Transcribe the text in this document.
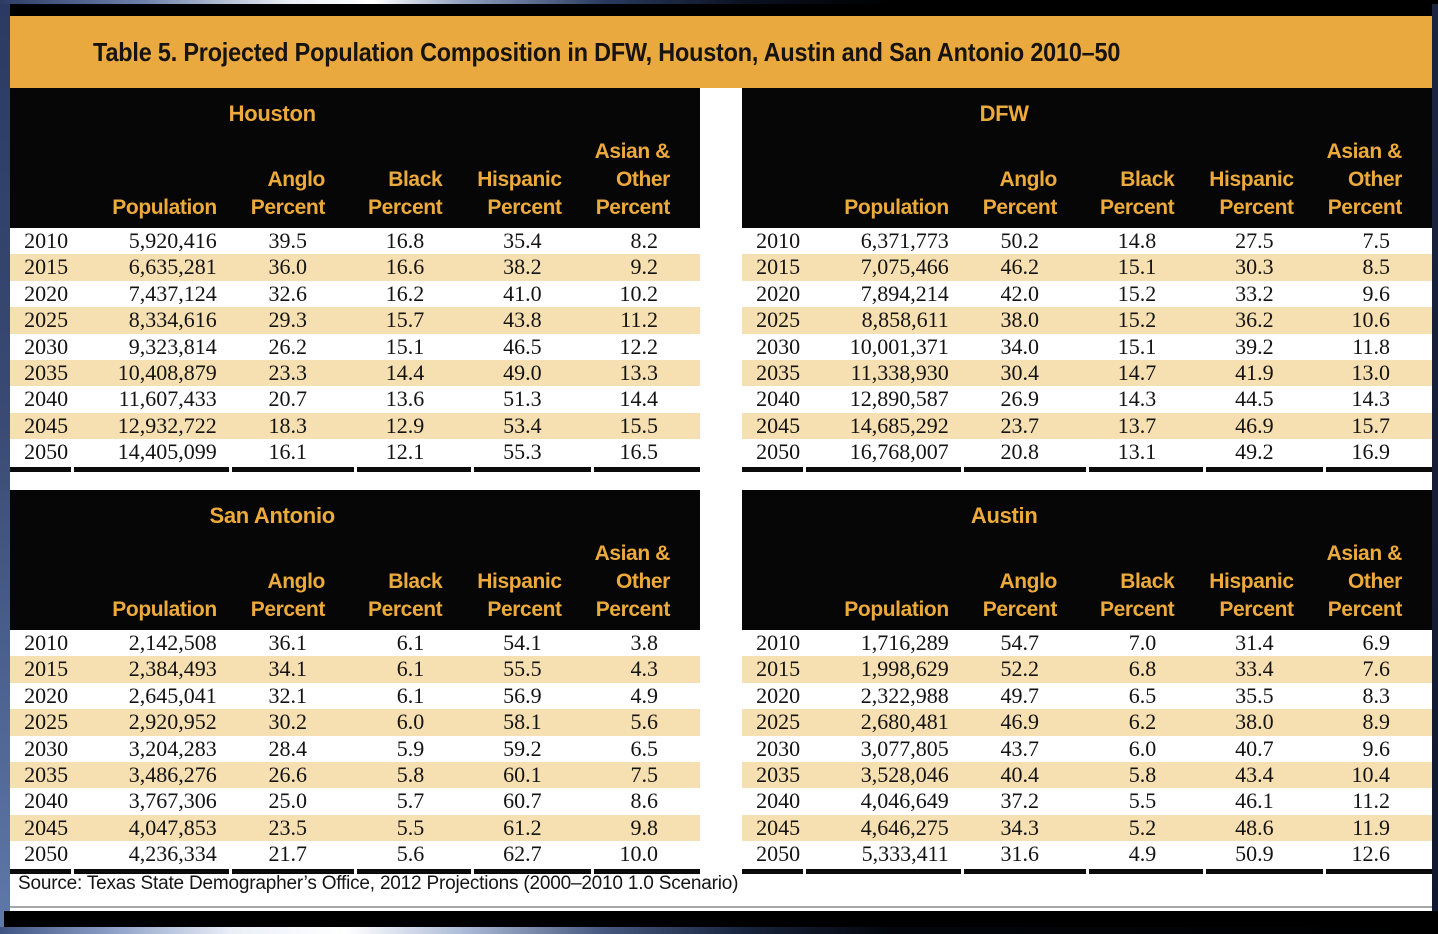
Table 5. Projected Population Composition in DFW, Houston, Austin and San Antonio 2010–50
Houston
Population
Anglo
Percent
Black
Percent
Hispanic
Percent
Asian &
Other
Percent
2010	5,920,416	39.5	16.8	35.4	8.2
2015	6,635,281	36.0	16.6	38.2	9.2
2020	7,437,124	32.6	16.2	41.0	10.2
2025	8,334,616	29.3	15.7	43.8	11.2
2030	9,323,814	26.2	15.1	46.5	12.2
2035	10,408,879	23.3	14.4	49.0	13.3
2040	11,607,433	20.7	13.6	51.3	14.4
2045	12,932,722	18.3	12.9	53.4	15.5
2050	14,405,099	16.1	12.1	55.3	16.5
DFW
Population
Anglo
Percent
Black
Percent
Hispanic
Percent
Asian &
Other
Percent
2010	6,371,773	50.2	14.8	27.5	7.5
2015	7,075,466	46.2	15.1	30.3	8.5
2020	7,894,214	42.0	15.2	33.2	9.6
2025	8,858,611	38.0	15.2	36.2	10.6
2030	10,001,371	34.0	15.1	39.2	11.8
2035	11,338,930	30.4	14.7	41.9	13.0
2040	12,890,587	26.9	14.3	44.5	14.3
2045	14,685,292	23.7	13.7	46.9	15.7
2050	16,768,007	20.8	13.1	49.2	16.9
San Antonio
Population
Anglo
Percent
Black
Percent
Hispanic
Percent
Asian &
Other
Percent
2010	2,142,508	36.1	6.1	54.1	3.8
2015	2,384,493	34.1	6.1	55.5	4.3
2020	2,645,041	32.1	6.1	56.9	4.9
2025	2,920,952	30.2	6.0	58.1	5.6
2030	3,204,283	28.4	5.9	59.2	6.5
2035	3,486,276	26.6	5.8	60.1	7.5
2040	3,767,306	25.0	5.7	60.7	8.6
2045	4,047,853	23.5	5.5	61.2	9.8
2050	4,236,334	21.7	5.6	62.7	10.0
Austin
Population
Anglo
Percent
Black
Percent
Hispanic
Percent
Asian &
Other
Percent
2010	1,716,289	54.7	7.0	31.4	6.9
2015	1,998,629	52.2	6.8	33.4	7.6
2020	2,322,988	49.7	6.5	35.5	8.3
2025	2,680,481	46.9	6.2	38.0	8.9
2030	3,077,805	43.7	6.0	40.7	9.6
2035	3,528,046	40.4	5.8	43.4	10.4
2040	4,046,649	37.2	5.5	46.1	11.2
2045	4,646,275	34.3	5.2	48.6	11.9
2050	5,333,411	31.6	4.9	50.9	12.6
Source: Texas State Demographer’s Office, 2012 Projections (2000–2010 1.0 Scenario)
